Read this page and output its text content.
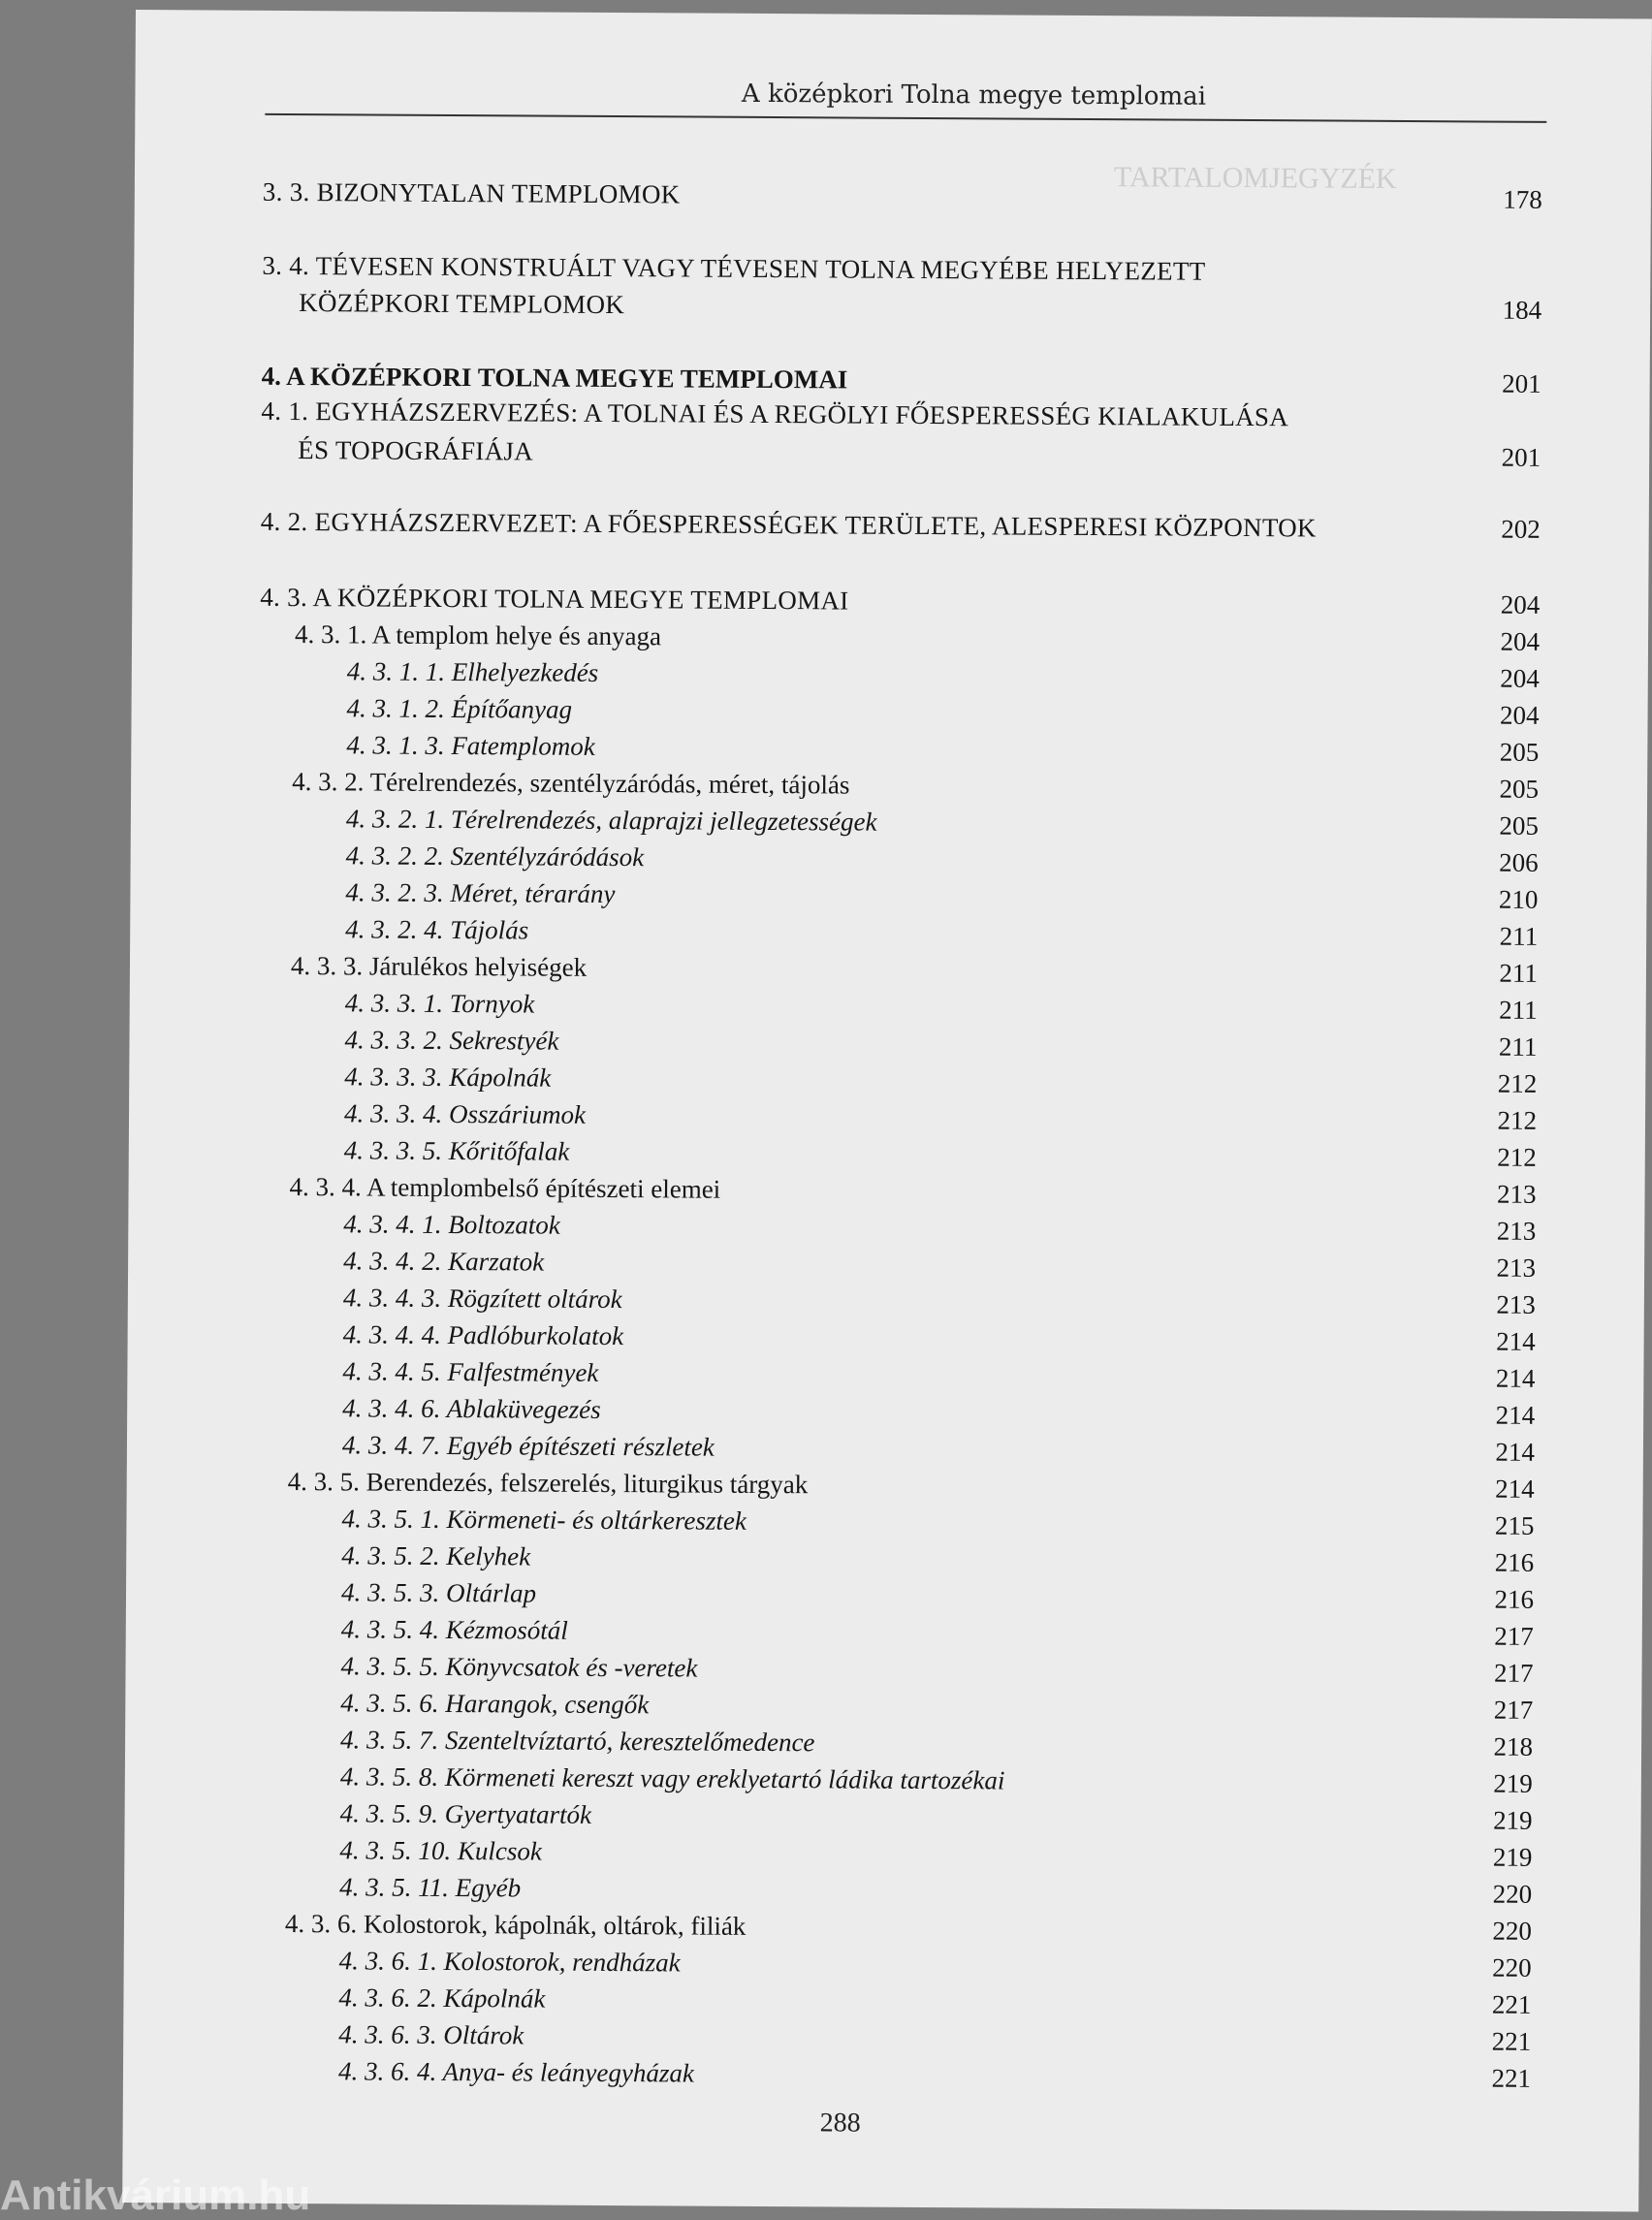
A középkori Tolna megye templomai
TARTALOMJEGYZÉK
3. 3. BIZONYTALAN TEMPLOMOK	178
3. 4. TÉVESEN KONSTRUÁLT VAGY TÉVESEN TOLNA MEGYÉBE HELYEZETT
KÖZÉPKORI TEMPLOMOK	184
4. A KÖZÉPKORI TOLNA MEGYE TEMPLOMAI	201
4. 1. EGYHÁZSZERVEZÉS: A TOLNAI ÉS A REGÖLYI FŐESPERESSÉG KIALAKULÁSA
ÉS TOPOGRÁFIÁJA	201
4. 2. EGYHÁZSZERVEZET: A FŐESPERESSÉGEK TERÜLETE, ALESPERESI KÖZPONTOK	202
4. 3. A KÖZÉPKORI TOLNA MEGYE TEMPLOMAI	204
4. 3. 1. A templom helye és anyaga	204
4. 3. 1. 1. Elhelyezkedés	204
4. 3. 1. 2. Építőanyag	204
4. 3. 1. 3. Fatemplomok	205
4. 3. 2. Térelrendezés, szentélyzáródás, méret, tájolás	205
4. 3. 2. 1. Térelrendezés, alaprajzi jellegzetességek	205
4. 3. 2. 2. Szentélyzáródások	206
4. 3. 2. 3. Méret, térarány	210
4. 3. 2. 4. Tájolás	211
4. 3. 3. Járulékos helyiségek	211
4. 3. 3. 1. Tornyok	211
4. 3. 3. 2. Sekrestyék	211
4. 3. 3. 3. Kápolnák	212
4. 3. 3. 4. Osszáriumok	212
4. 3. 3. 5. Kőritőfalak	212
4. 3. 4. A templombelső építészeti elemei	213
4. 3. 4. 1. Boltozatok	213
4. 3. 4. 2. Karzatok	213
4. 3. 4. 3. Rögzített oltárok	213
4. 3. 4. 4. Padlóburkolatok	214
4. 3. 4. 5. Falfestmények	214
4. 3. 4. 6. Ablaküvegezés	214
4. 3. 4. 7. Egyéb építészeti részletek	214
4. 3. 5. Berendezés, felszerelés, liturgikus tárgyak	214
4. 3. 5. 1. Körmeneti- és oltárkeresztek	215
4. 3. 5. 2. Kelyhek	216
4. 3. 5. 3. Oltárlap	216
4. 3. 5. 4. Kézmosótál	217
4. 3. 5. 5. Könyvcsatok és -veretek	217
4. 3. 5. 6. Harangok, csengők	217
4. 3. 5. 7. Szenteltvíztartó, keresztelőmedence	218
4. 3. 5. 8. Körmeneti kereszt vagy ereklyetartó ládika tartozékai	219
4. 3. 5. 9. Gyertyatartók	219
4. 3. 5. 10. Kulcsok	219
4. 3. 5. 11. Egyéb	220
4. 3. 6. Kolostorok, kápolnák, oltárok, filiák	220
4. 3. 6. 1. Kolostorok, rendházak	220
4. 3. 6. 2. Kápolnák	221
4. 3. 6. 3. Oltárok	221
4. 3. 6. 4. Anya- és leányegyházak	221
288
Antikvárium.hu
